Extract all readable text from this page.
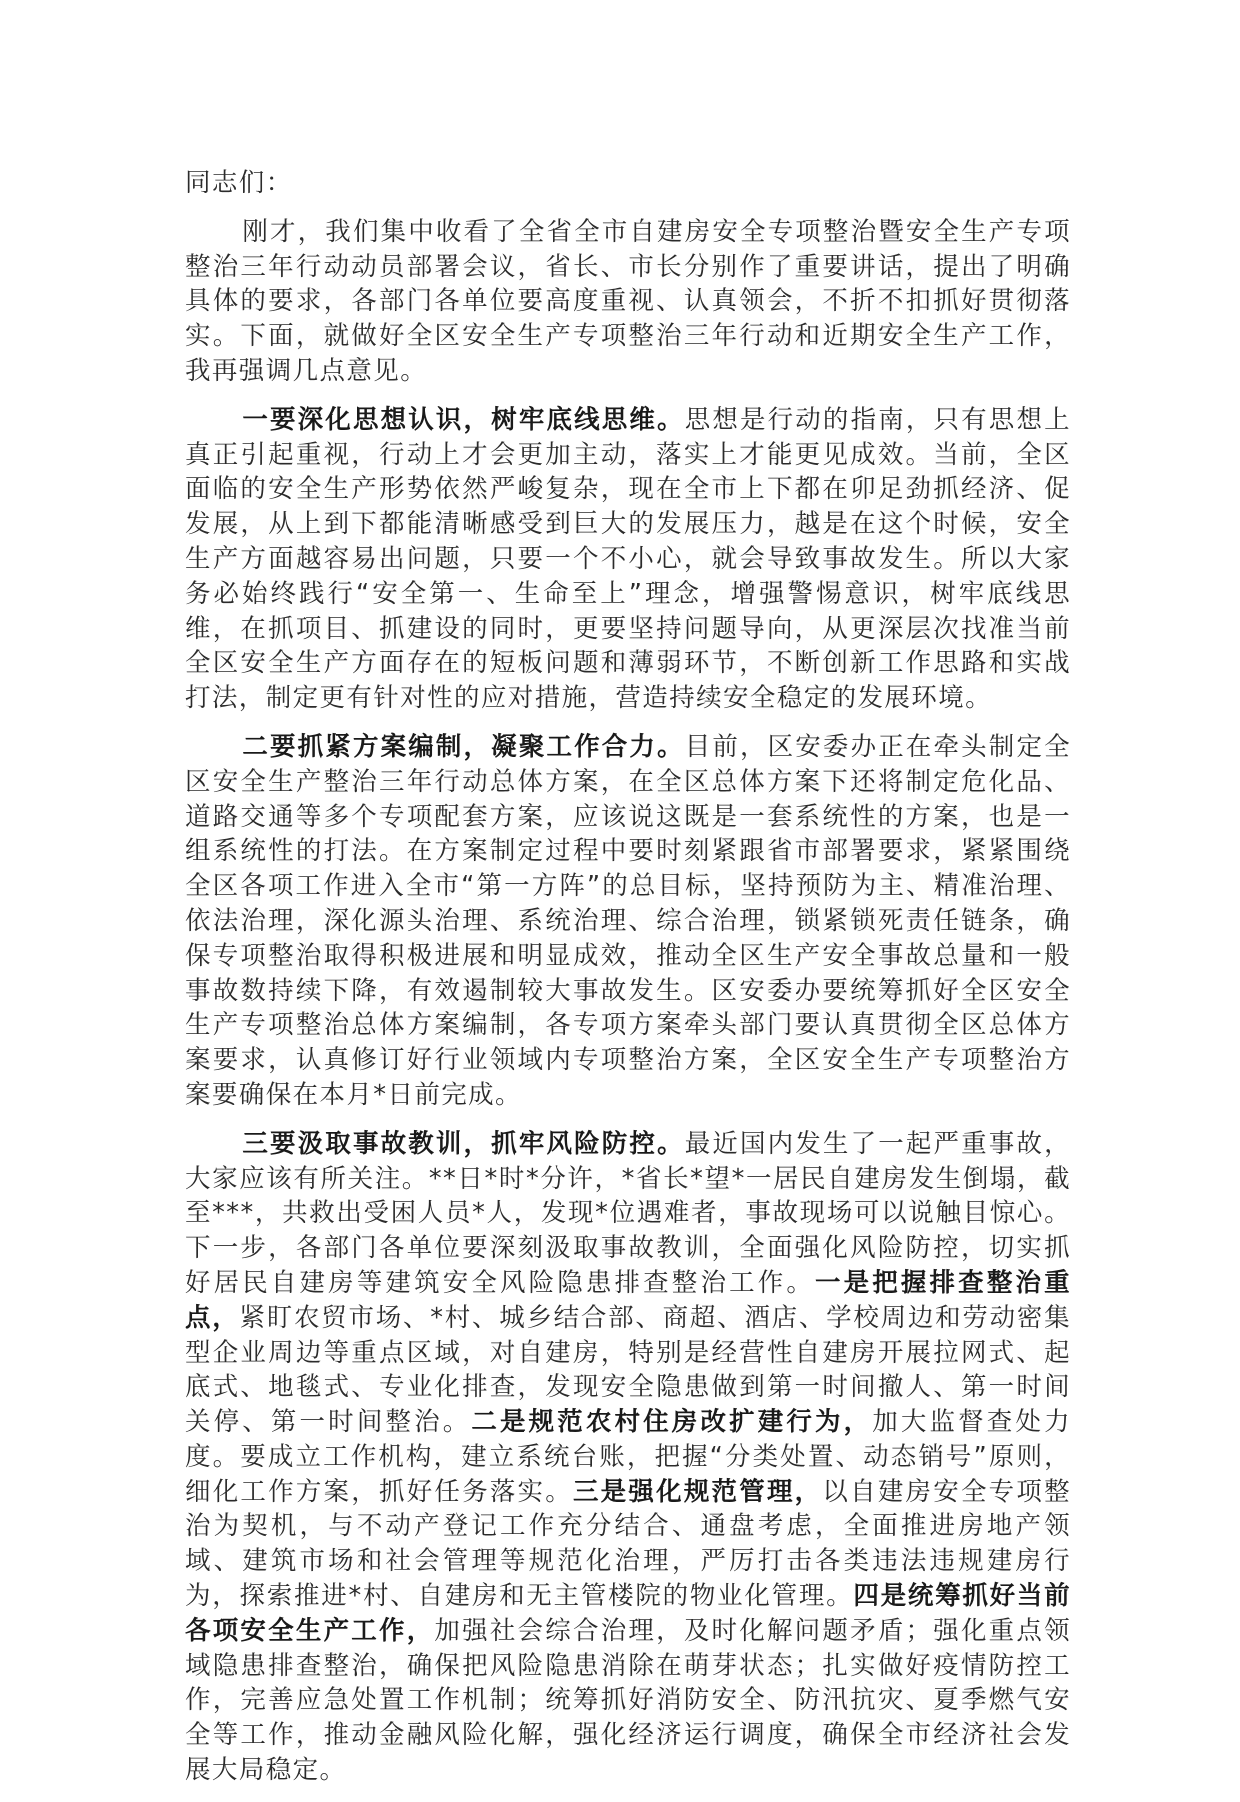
同志们：

刚才，我们集中收看了全省全市自建房安全专项整治暨安全生产专项整治三年行动动员部署会议，省长、市长分别作了重要讲话，提出了明确具体的要求，各部门各单位要高度重视、认真领会，不折不扣抓好贯彻落实。下面，就做好全区安全生产专项整治三年行动和近期安全生产工作，我再强调几点意见。

一要深化思想认识，树牢底线思维。思想是行动的指南，只有思想上真正引起重视，行动上才会更加主动，落实上才能更见成效。当前，全区面临的安全生产形势依然严峻复杂，现在全市上下都在卯足劲抓经济、促发展，从上到下都能清晰感受到巨大的发展压力，越是在这个时候，安全生产方面越容易出问题，只要一个不小心，就会导致事故发生。所以大家务必始终践行“安全第一、生命至上”理念，增强警惕意识，树牢底线思维，在抓项目、抓建设的同时，更要坚持问题导向，从更深层次找准当前全区安全生产方面存在的短板问题和薄弱环节，不断创新工作思路和实战打法，制定更有针对性的应对措施，营造持续安全稳定的发展环境。

二要抓紧方案编制，凝聚工作合力。目前，区安委办正在牵头制定全区安全生产整治三年行动总体方案，在全区总体方案下还将制定危化品、道路交通等多个专项配套方案，应该说这既是一套系统性的方案，也是一组系统性的打法。在方案制定过程中要时刻紧跟省市部署要求，紧紧围绕全区各项工作进入全市“第一方阵”的总目标，坚持预防为主、精准治理、依法治理，深化源头治理、系统治理、综合治理，锁紧锁死责任链条，确保专项整治取得积极进展和明显成效，推动全区生产安全事故总量和一般事故数持续下降，有效遏制较大事故发生。区安委办要统筹抓好全区安全生产专项整治总体方案编制，各专项方案牵头部门要认真贯彻全区总体方案要求，认真修订好行业领域内专项整治方案，全区安全生产专项整治方案要确保在本月*日前完成。

三要汲取事故教训，抓牢风险防控。最近国内发生了一起严重事故，大家应该有所关注。**日*时*分许，*省长*望*一居民自建房发生倒塌，截至***，共救出受困人员*人，发现*位遇难者，事故现场可以说触目惊心。下一步，各部门各单位要深刻汲取事故教训，全面强化风险防控，切实抓好居民自建房等建筑安全风险隐患排查整治工作。一是把握排查整治重点，紧盯农贸市场、*村、城乡结合部、商超、酒店、学校周边和劳动密集型企业周边等重点区域，对自建房，特别是经营性自建房开展拉网式、起底式、地毯式、专业化排查，发现安全隐患做到第一时间撤人、第一时间关停、第一时间整治。二是规范农村住房改扩建行为，加大监督查处力度。要成立工作机构，建立系统台账，把握“分类处置、动态销号”原则，细化工作方案，抓好任务落实。三是强化规范管理，以自建房安全专项整治为契机，与不动产登记工作充分结合、通盘考虑，全面推进房地产领域、建筑市场和社会管理等规范化治理，严厉打击各类违法违规建房行为，探索推进*村、自建房和无主管楼院的物业化管理。四是统筹抓好当前各项安全生产工作，加强社会综合治理，及时化解问题矛盾；强化重点领域隐患排查整治，确保把风险隐患消除在萌芽状态；扎实做好疫情防控工作，完善应急处置工作机制；统筹抓好消防安全、防汛抗灾、夏季燃气安全等工作，推动金融风险化解，强化经济运行调度，确保全市经济社会发展大局稳定。
